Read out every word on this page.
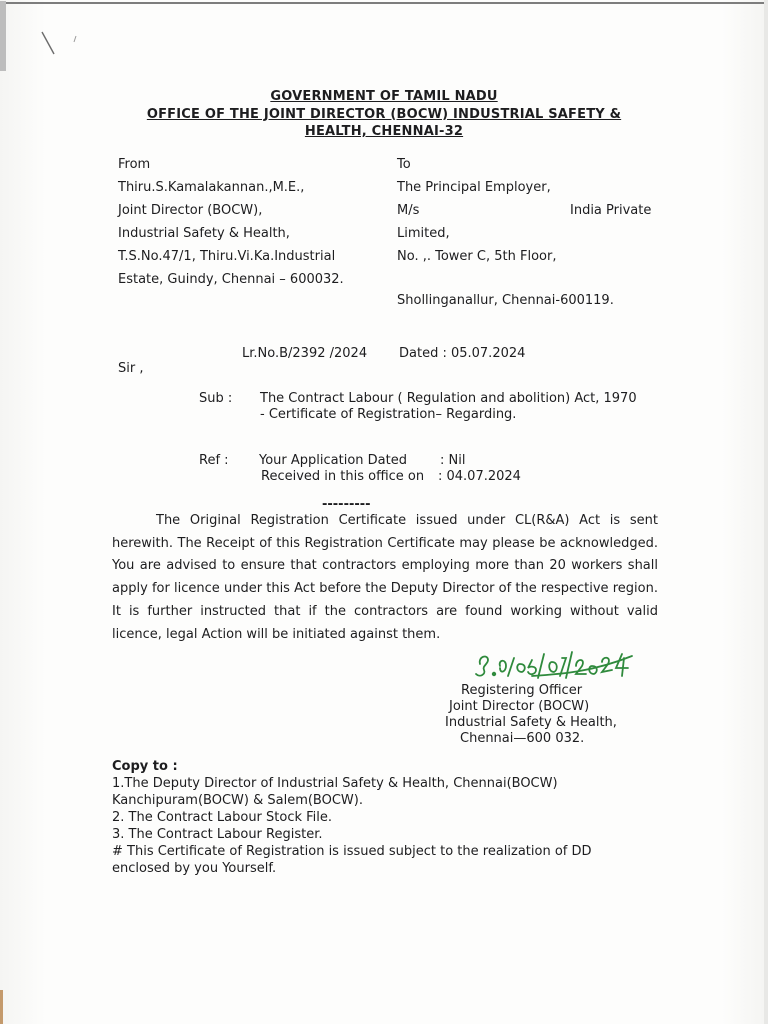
GOVERNMENT OF TAMIL NADU
OFFICE OF THE JOINT DIRECTOR (BOCW) INDUSTRIAL SAFETY &
HEALTH, CHENNAI-32
From
Thiru.S.Kamalakannan.,M.E.,
Joint Director (BOCW),
Industrial Safety & Health,
T.S.No.47/1, Thiru.Vi.Ka.Industrial
Estate, Guindy, Chennai – 600032.
To
The Principal Employer,
M/s	India Private
Limited,
No. ,. Tower C, 5th Floor,
Shollinganallur, Chennai-600119.
Lr.No.B/2392 /2024 Dated : 05.07.2024
Sir ,
Sub : The Contract Labour ( Regulation and abolition) Act, 1970
- Certificate of Registration– Regarding.
Ref : Your Application Dated	: Nil
Received in this office on : 04.07.2024
---------

The Original Registration Certificate issued under CL(R&A) Act is sent herewith. The Receipt of this Registration Certificate may please be acknowledged. You are advised to ensure that contractors employing more than 20 workers shall apply for licence under this Act before the Deputy Director of the respective region. It is further instructed that if the contractors are found working without valid licence, legal Action will be initiated against them.

Registering Officer
Joint Director (BOCW)
Industrial Safety & Health,
Chennai—600 032.
Copy to :
1.The Deputy Director of Industrial Safety & Health, Chennai(BOCW)
Kanchipuram(BOCW) & Salem(BOCW).
2. The Contract Labour Stock File.
3. The Contract Labour Register.
# This Certificate of Registration is issued subject to the realization of DD
enclosed by you Yourself.
